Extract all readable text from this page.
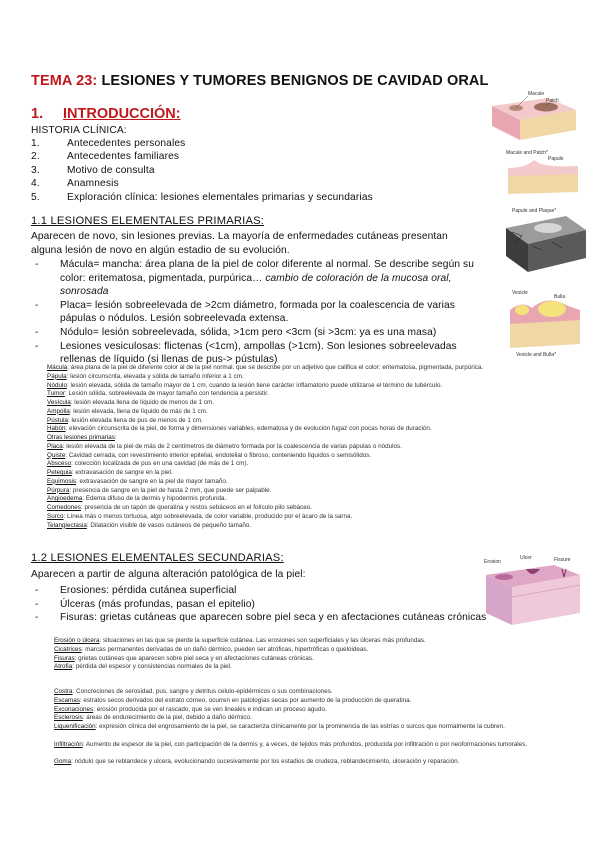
TEMA 23: LESIONES Y TUMORES BENIGNOS DE CAVIDAD ORAL
1. INTRODUCCIÓN:
HISTORIA CLÍNICA:
1.	Antecedentes personales
2.	Antecedentes familiares
3.	Motivo de consulta
4.	Anamnesis
5.	Exploración clínica: lesiones elementales primarias y secundarias
1.1 LESIONES ELEMENTALES PRIMARIAS:
Aparecen de novo, sin lesiones previas. La mayoría de enfermedades cutáneas presentan alguna lesión de novo en algún estadio de su evolución.
- Mácula= mancha: área plana de la piel de color diferente al normal. Se describe según su color: eritematosa, pigmentada, purpúrica… cambio de coloración de la mucosa oral, sonrosada
- Placa= lesión sobreelevada de >2cm diámetro, formada por la coalescencia de varias pápulas o nódulos. Lesión sobreelevada extensa.
- Nódulo= lesión sobreelevada, sólida, >1cm pero <3cm (si >3cm: ya es una masa)
- Lesiones vesiculosas: flictenas (<1cm), ampollas (>1cm). Son lesiones sobreelevadas rellenas de líquido (si llenas de pus-> pústulas)
Mácula: área plana de la piel de diferente color al de la piel normal, que se describe por un adjetivo que califica el color: eritematosa, pigmentada, purpúrica.
Pápula: lesión circunscrita, elevada y sólida de tamaño inferior a 1 cm.
Nódulo: lesión elevada, sólida de tamaño mayor de 1 cm, cuando la lesión tiene carácter inflamatorio puede utilizarse el término de tubérculo.
Tumor: Lesión sólida, sobreelevada de mayor tamaño con tendencia a persistir.
Vesícula: lesión elevada llena de líquido de menos de 1 cm.
Ampolla: lesión elevada, llena de líquido de más de 1 cm.
Pústula: lesión elevada llena de pus de menos de 1 cm.
Habón: elevación circunscrita de la piel, de forma y dimensiones variables, edematosa y de evolución fugaz con pocas horas de duración.
Otras lesiones primarias:
Placa: lesión elevada de la piel de más de 2 centímetros de diámetro formada por la coalescencia de varias pápulas o nódulos.
Quiste: Cavidad cerrada, con revestimiento interior epitelial, endotelial o fibroso, conteniendo líquidos o semisólidos.
Absceso: colección localizada de pus en una cavidad (de más de 1 cm).
Petequia: extravasación de sangre en la piel.
Equimosis: extravasación de sangre en la piel de mayor tamaño.
Púrpura: presencia de sangre en la piel de hasta 2 mm, que puede ser palpable.
Angioedema: Edema difuso de la dermis y hipodermis profunda.
Comedones: presencia de un tapón de queratina y restos sebáceos en el folículo pilo sebáceo.
Surco: Línea más o menos tortuosa, algo sobreelevada, de color variable, producido por el ácaro de la sarna.
Telangiectasia: Dilatación visible de vasos cutáneos de pequeño tamaño.
1.2 LESIONES ELEMENTALES SECUNDARIAS:
Aparecen a partir de alguna alteración patológica de la piel:
- Erosiones: pérdida cutánea superficial
- Úlceras (más profundas, pasan el epitelio)
- Fisuras: grietas cutáneas que aparecen sobre piel seca y en afectaciones cutáneas crónicas
Erosión o úlcera: situaciones en las que se pierde la superficie cutánea. Las erosiones son superficiales y las úlceras más profundas.
Cicatrices: marcas permanentes derivadas de un daño dérmico, pueden ser atróficas, hipertróficas o queloideas.
Fisuras: grietas cutáneas que aparecen sobre piel seca y en afectaciones cutáneas crónicas.
Atrofia: pérdida del espesor y consistencias normales de la piel.
Costra: Concreciones de serosidad, pus, sangre y detritus celulo-epidérmicos o sus combinaciones.
Escamas: estratos secos derivados del estrato córneo, ocurren en patologías secas por aumento de la producción de queratina.
Excoriaciones: erosión producida por el rascado, que se ven lineales e indican un proceso agudo.
Esclerosis: áreas de endurecimiento de la piel, debido a daño dérmico.
Liquenificación: expresión clínica del engrosamiento de la piel, se caracteriza clínicamente por la prominencia de las estrías o surcos que normalmente la cubren.
Infiltración: Aumento de espesor de la piel, con participación de la dermis y, a veces, de tejidos más profundos, producida por infiltración o por neoformaciones tumorales.
Goma: nódulo que se reblandece y ulcera, evolucionando sucesivamente por los estadios de crudeza, reblandecimiento, ulceración y reparación.
Macule
Patch
Macule and Patch*
Papule
Papule and Plaque*
Vesicle
Bulla
Vesicle and Bulla*
Erosion
Ulcer	Fissure
